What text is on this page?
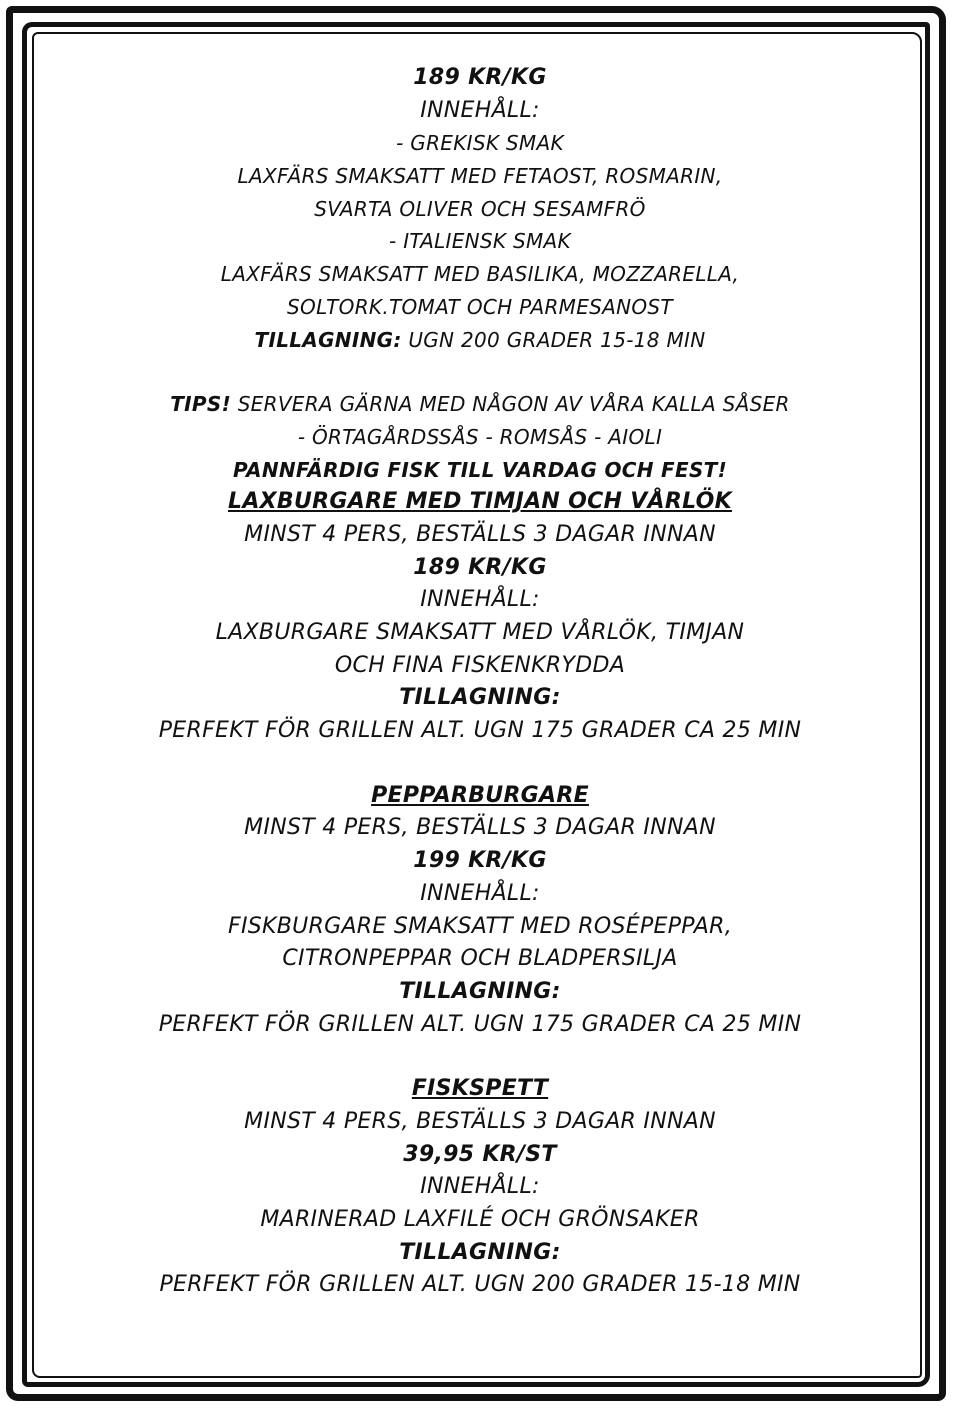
189 KR/KG
INNEHÅLL:
- GREKISK SMAK
LAXFÄRS SMAKSATT MED FETAOST, ROSMARIN,
SVARTA OLIVER OCH SESAMFRÖ
- ITALIENSK SMAK
LAXFÄRS SMAKSATT MED BASILIKA, MOZZARELLA,
SOLTORK.TOMAT OCH PARMESANOST
TILLAGNING: UGN 200 GRADER 15-18 MIN
TIPS! SERVERA GÄRNA MED NÅGON AV VÅRA KALLA SÅSER
- ÖRTAGÅRDSSÅS - ROMSÅS - AIOLI
PANNFÄRDIG FISK TILL VARDAG OCH FEST!
LAXBURGARE MED TIMJAN OCH VÅRLÖK
MINST 4 PERS, BESTÄLLS 3 DAGAR INNAN
189 KR/KG
INNEHÅLL:
LAXBURGARE SMAKSATT MED VÅRLÖK, TIMJAN
OCH FINA FISKENKRYDDA
TILLAGNING:
PERFEKT FÖR GRILLEN ALT. UGN 175 GRADER CA 25 MIN
PEPPARBURGARE
MINST 4 PERS, BESTÄLLS 3 DAGAR INNAN
199 KR/KG
INNEHÅLL:
FISKBURGARE SMAKSATT MED ROSÉPEPPAR,
CITRONPEPPAR OCH BLADPERSILJA
TILLAGNING:
PERFEKT FÖR GRILLEN ALT. UGN 175 GRADER CA 25 MIN
FISKSPETT
MINST 4 PERS, BESTÄLLS 3 DAGAR INNAN
39,95 KR/ST
INNEHÅLL:
MARINERAD LAXFILÉ OCH GRÖNSAKER
TILLAGNING:
PERFEKT FÖR GRILLEN ALT. UGN 200 GRADER 15-18 MIN
